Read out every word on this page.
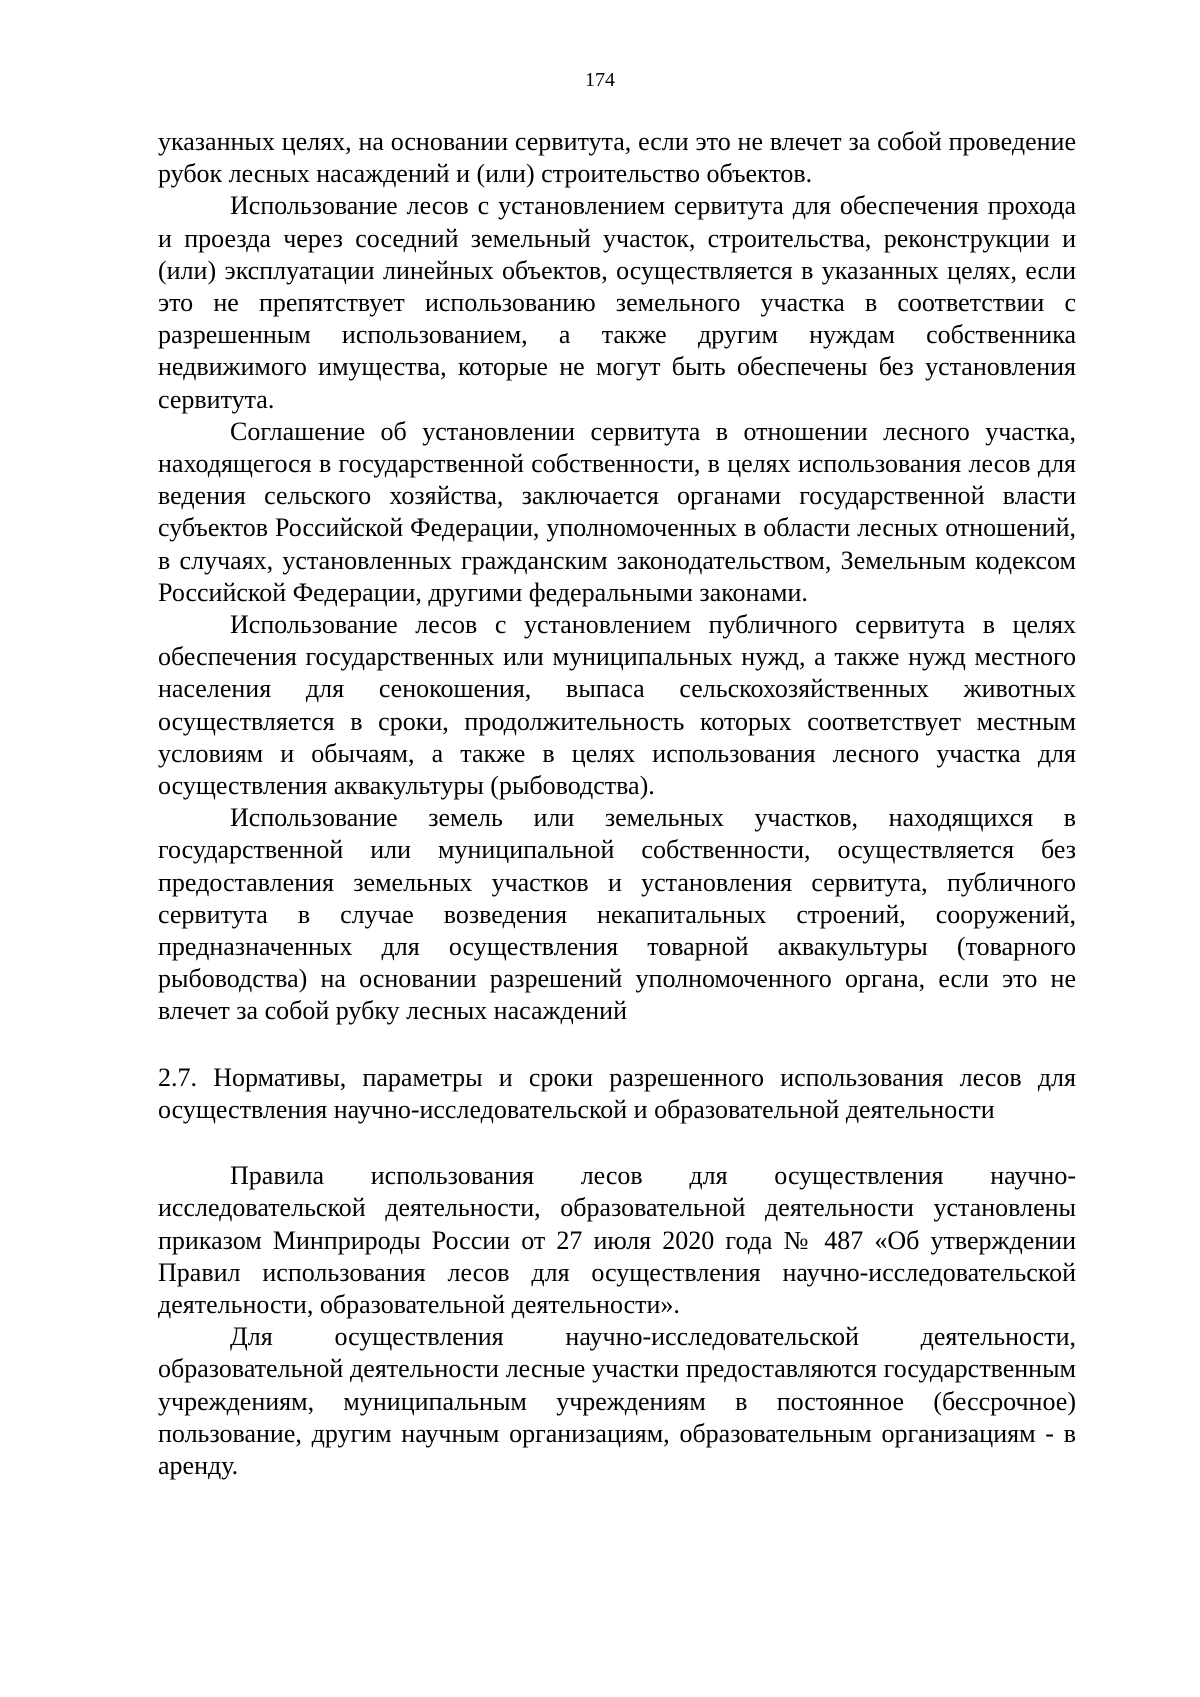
174

указанных целях, на основании сервитута, если это не влечет за собой проведение рубок лесных насаждений и (или) строительство объектов.

Использование лесов с установлением сервитута для обеспечения прохода и проезда через соседний земельный участок, строительства, реконструкции и (или) эксплуатации линейных объектов, осуществляется в указанных целях, если это не препятствует использованию земельного участка в соответствии с разрешенным использованием, а также другим нуждам собственника недвижимого имущества, которые не могут быть обеспечены без установления сервитута.

Соглашение об установлении сервитута в отношении лесного участка, находящегося в государственной собственности, в целях использования лесов для ведения сельского хозяйства, заключается органами государственной власти субъектов Российской Федерации, уполномоченных в области лесных отношений, в случаях, установленных гражданским законодательством, Земельным кодексом Российской Федерации, другими федеральными законами.

Использование лесов с установлением публичного сервитута в целях обеспечения государственных или муниципальных нужд, а также нужд местного населения для сенокошения, выпаса сельскохозяйственных животных осуществляется в сроки, продолжительность которых соответствует местным условиям и обычаям, а также в целях использования лесного участка для осуществления аквакультуры (рыбоводства).

Использование земель или земельных участков, находящихся в государственной или муниципальной собственности, осуществляется без предоставления земельных участков и установления сервитута, публичного сервитута в случае возведения некапитальных строений, сооружений, предназначенных для осуществления товарной аквакультуры (товарного рыбоводства) на основании разрешений уполномоченного органа, если это не влечет за собой рубку лесных насаждений

2.7. Нормативы, параметры и сроки разрешенного использования лесов для осуществления научно-исследовательской и образовательной деятельности

Правила использования лесов для осуществления научно-исследовательской деятельности, образовательной деятельности установлены приказом Минприроды России от 27 июля 2020 года № 487 «Об утверждении Правил использования лесов для осуществления научно-исследовательской деятельности, образовательной деятельности».

Для осуществления научно-исследовательской деятельности, образовательной деятельности лесные участки предоставляются государственным учреждениям, муниципальным учреждениям в постоянное (бессрочное) пользование, другим научным организациям, образовательным организациям - в аренду.
